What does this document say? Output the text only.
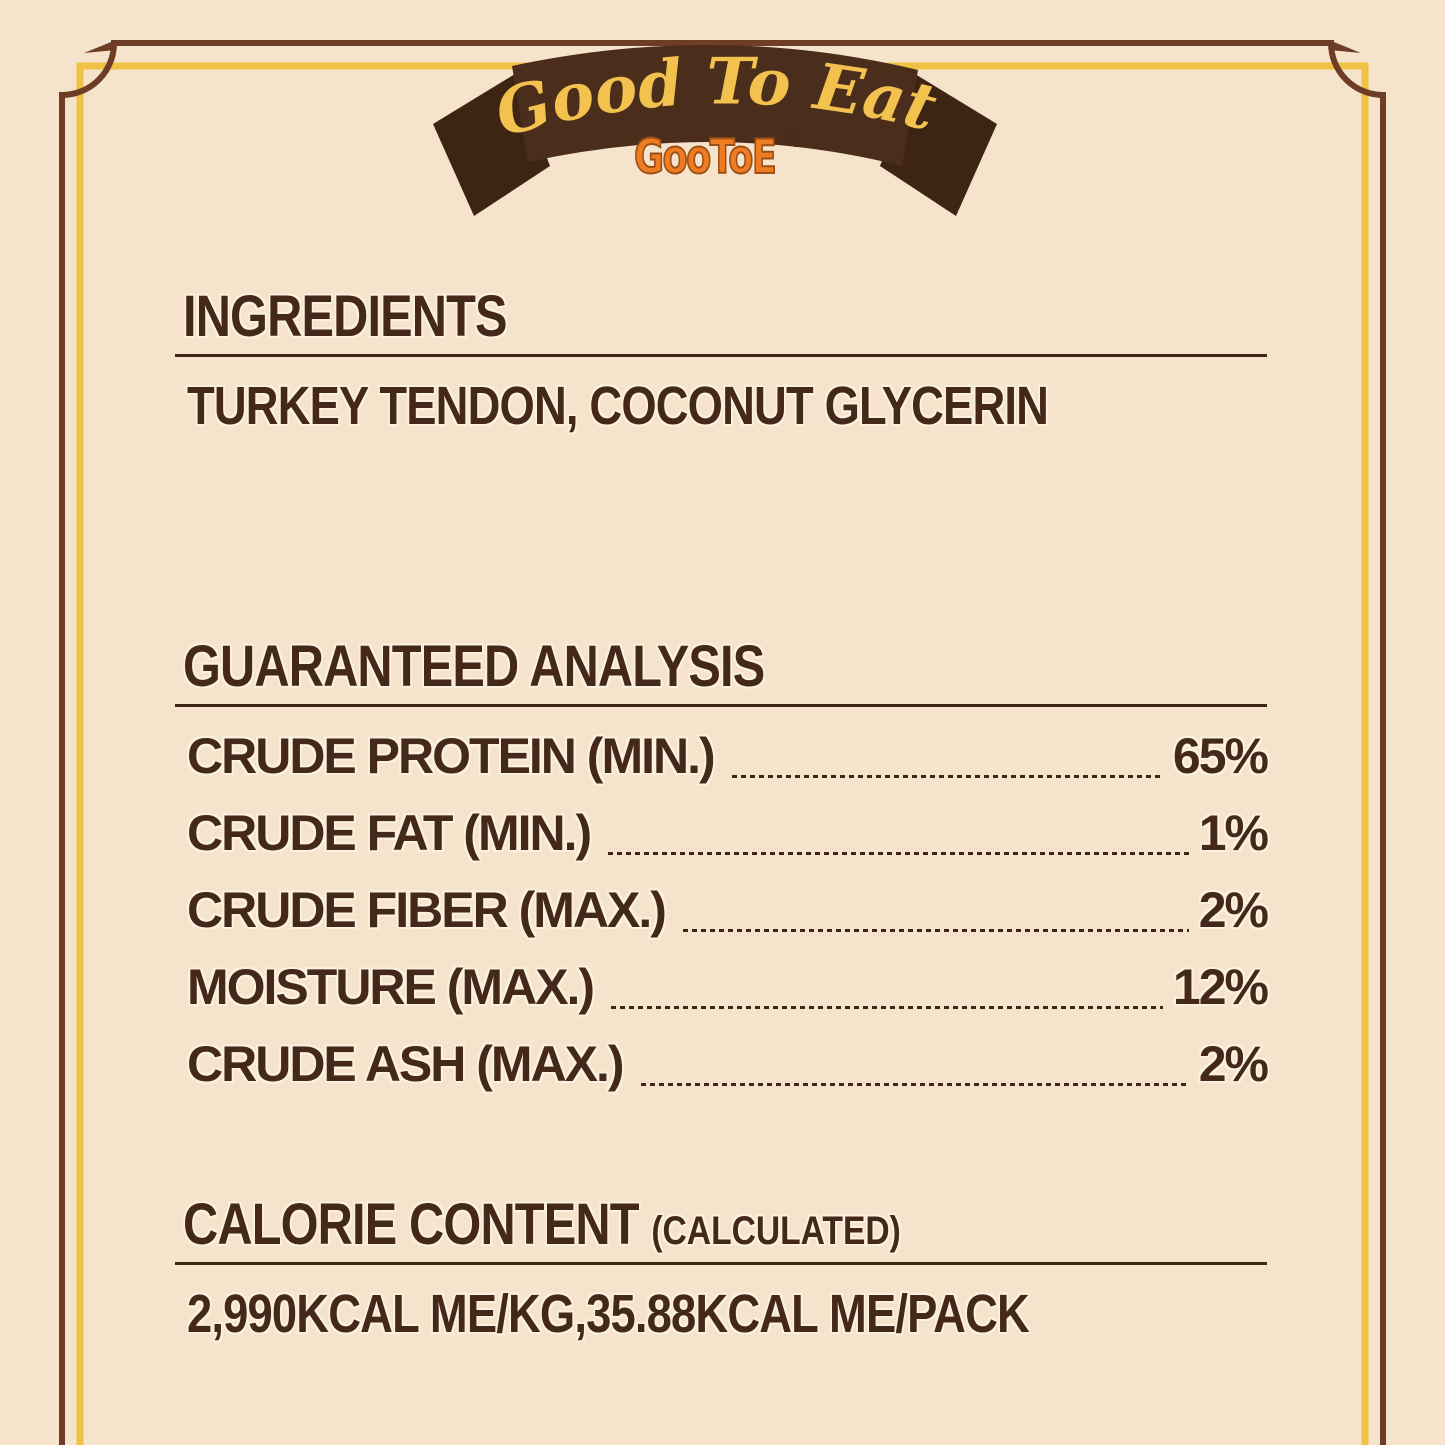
Good To Eat
GooToE ®
INGREDIENTS
TURKEY TENDON, COCONUT GLYCERIN
GUARANTEED ANALYSIS
CRUDE PROTEIN (MIN.)	65%
CRUDE FAT (MIN.)	1%
CRUDE FIBER (MAX.)	2%
MOISTURE (MAX.)	12%
CRUDE ASH (MAX.)	2%
CALORIE CONTENT (CALCULATED)
2,990KCAL ME/KG,35.88KCAL ME/PACK
